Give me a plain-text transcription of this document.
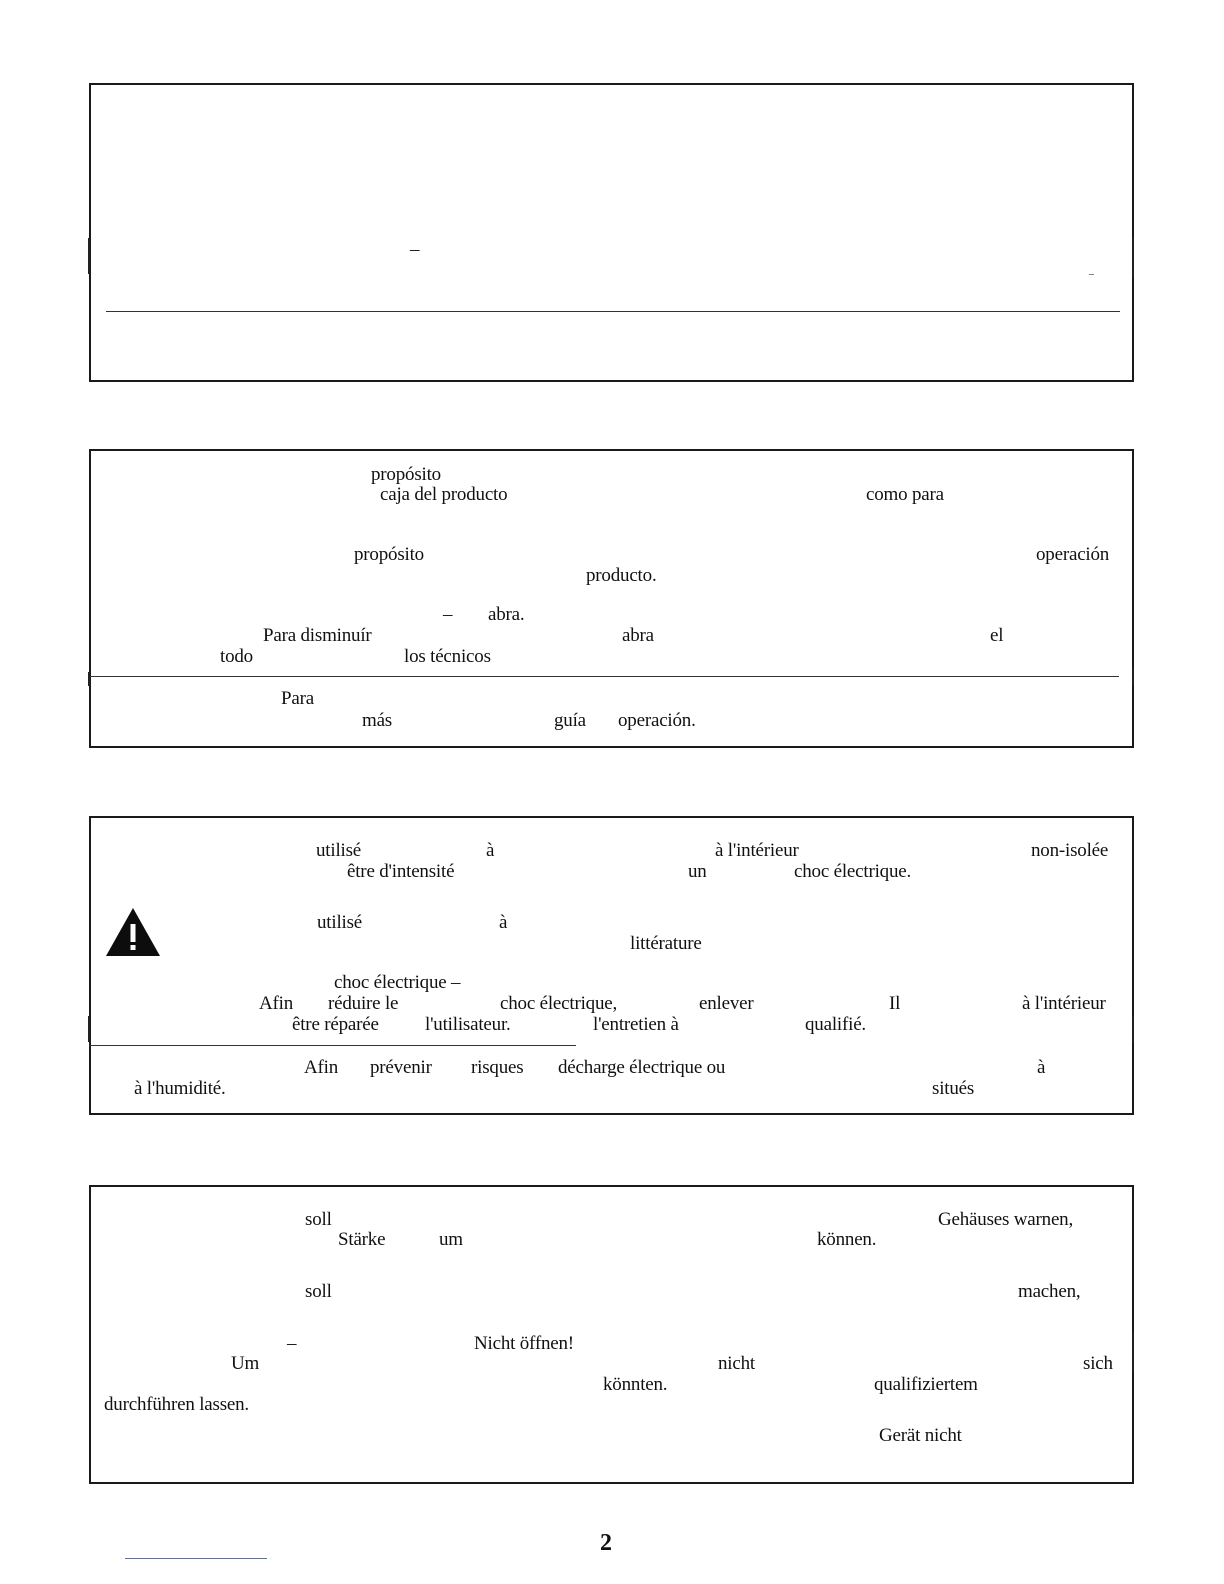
–
–
propósito
caja del producto	como para
propósito	operación
producto.
– abra.
Para disminuír	abra	el
todo	los técnicos
Para
más	guía operación.
utilisé	à	à l'intérieur	non-isolée
être d'intensité	un	choc électrique.
utilisé	à
littérature
choc électrique –
Afin réduire le	choc électrique,	enlever	Il	à l'intérieur
être réparée l'utilisateur.	l'entretien à	qualifié.
Afin prévenir risques décharge électrique ou	à
à l'humidité.	situés
soll	Gehäuses warnen,
Stärke	um	können.
soll	machen,
–	Nicht öffnen!
Um	nicht	sich
könnten.	qualifiziertem
durchführen lassen.
Gerät nicht
2
